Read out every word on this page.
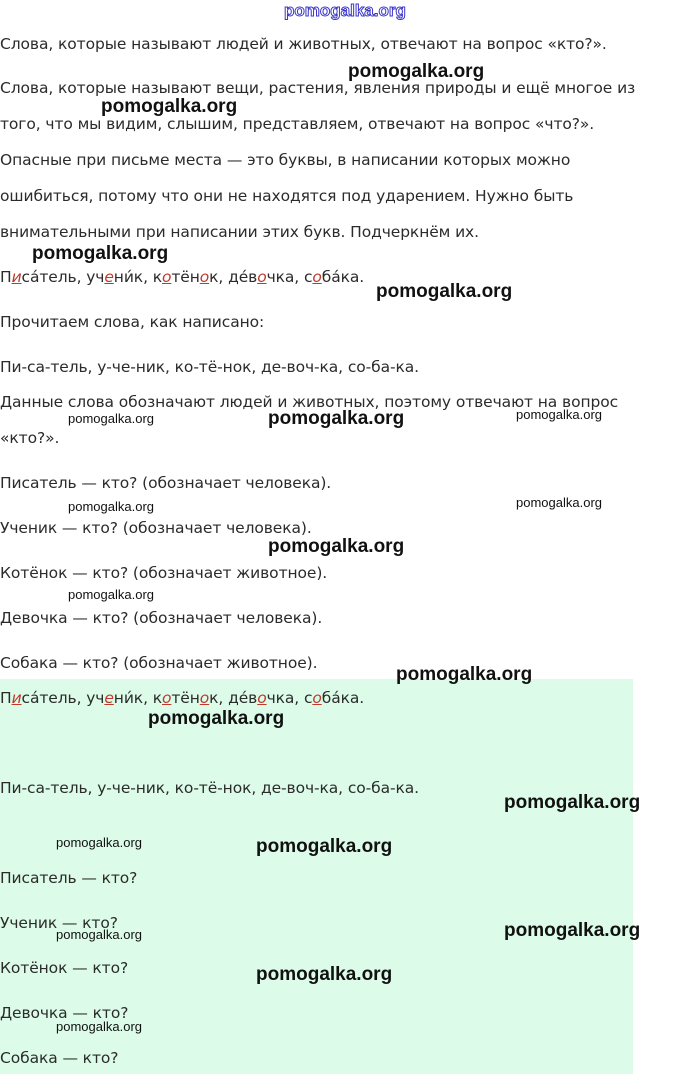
Слова, которые называют людей и животных, отвечают на вопрос «кто?».
Слова, которые называют вещи, растения, явления природы и ещё многое из
того, что мы видим, слышим, представляем, отвечают на вопрос «что?».
Опасные при письме места — это буквы, в написании которых можно
ошибиться, потому что они не находятся под ударением. Нужно быть
внимательными при написании этих букв. Подчеркнём их.
Писáтель, учени́к, котёнок, дéвочка, собáка.
Прочитаем слова, как написано:
Пи-са-тель, у-че-ник, ко-тё-нок, де-воч-ка, со-ба-ка.
Данные слова обозначают людей и животных, поэтому отвечают на вопрос
«кто?».
Писатель — кто? (обозначает человека).
Ученик — кто? (обозначает человека).
Котёнок — кто? (обозначает животное).
Девочка — кто? (обозначает человека).
Собака — кто? (обозначает животное).
Писáтель, учени́к, котёнок, дéвочка, собáка.
Пи-са-тель, у-че-ник, ко-тё-нок, де-воч-ка, со-ба-ка.
Писатель — кто?
Ученик — кто?
Котёнок — кто?
Девочка — кто?
Собака — кто?
pomogalka.org
pomogalka.org
pomogalka.org
pomogalka.org
pomogalka.org
pomogalka.org	pomogalka.org	pomogalka.org
pomogalka.org	pomogalka.org
pomogalka.org
pomogalka.org
pomogalka.org
pomogalka.org
pomogalka.org
pomogalka.org	pomogalka.org
pomogalka.org	pomogalka.org
pomogalka.org
pomogalka.org
